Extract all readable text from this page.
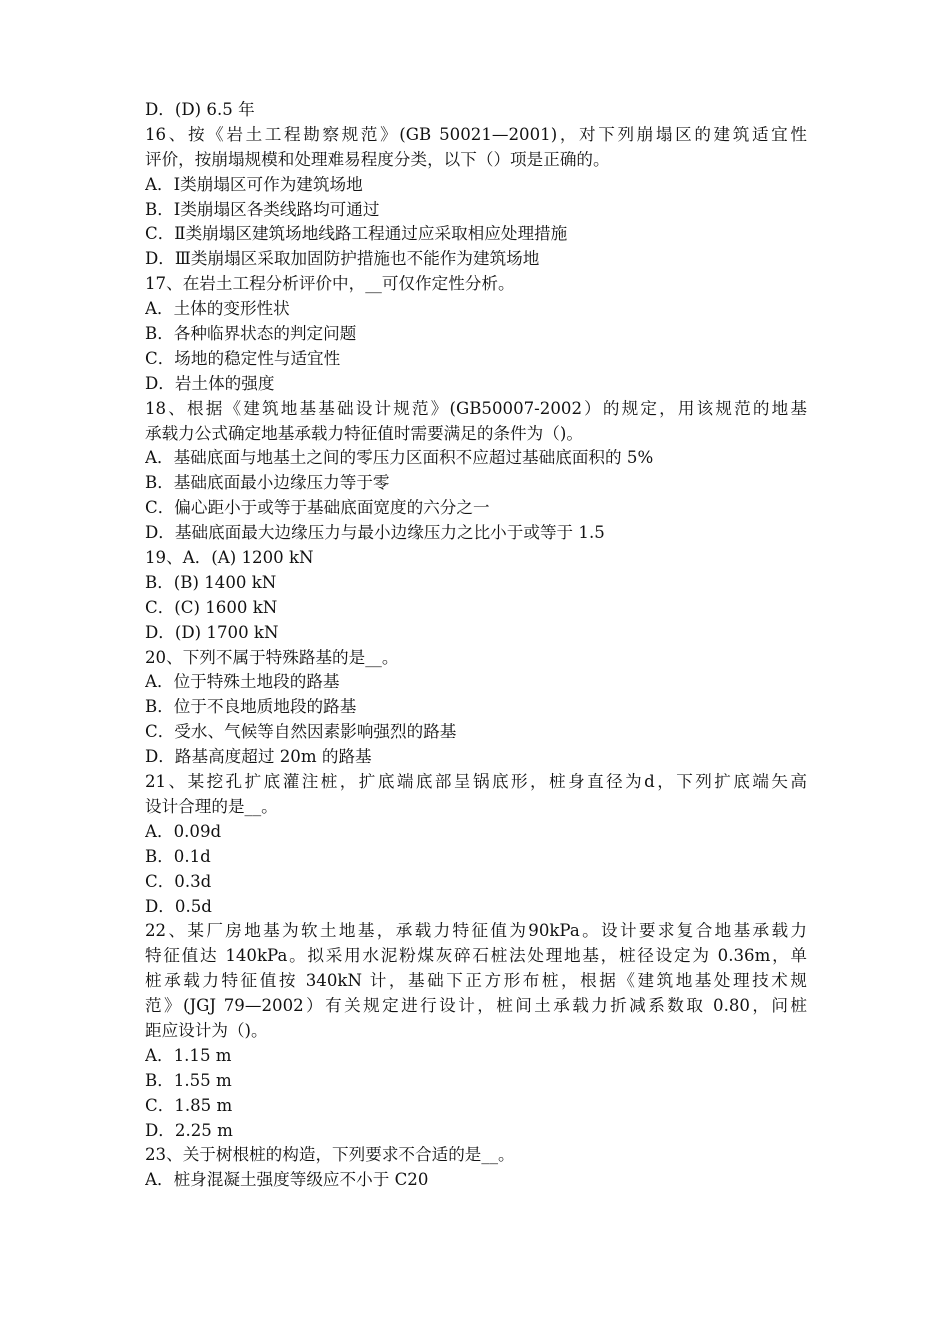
D．(D) 6.5 年
16、按《岩土工程勘察规范》(GB 50021—2001)，对下列崩塌区的建筑适宜性
评价，按崩塌规模和处理难易程度分类，以下（）项是正确的。
A．Ⅰ类崩塌区可作为建筑场地
B．Ⅰ类崩塌区各类线路均可通过
C．Ⅱ类崩塌区建筑场地线路工程通过应采取相应处理措施
D．Ⅲ类崩塌区采取加固防护措施也不能作为建筑场地
17、在岩土工程分析评价中，__可仅作定性分析。
A．土体的变形性状
B．各种临界状态的判定问题
C．场地的稳定性与适宜性
D．岩土体的强度
18、根据《建筑地基基础设计规范》(GB50007-2002）的规定，用该规范的地基
承载力公式确定地基承载力特征值时需要满足的条件为（)。
A．基础底面与地基土之间的零压力区面积不应超过基础底面积的 5%
B．基础底面最小边缘压力等于零
C．偏心距小于或等于基础底面宽度的六分之一
D．基础底面最大边缘压力与最小边缘压力之比小于或等于 1.5
19、A．(A) 1200 kN
B．(B) 1400 kN
C．(C) 1600 kN
D．(D) 1700 kN
20、下列不属于特殊路基的是__。
A．位于特殊土地段的路基
B．位于不良地质地段的路基
C．受水、气候等自然因素影响强烈的路基
D．路基高度超过 20m 的路基
21、某挖孔扩底灌注桩，扩底端底部呈锅底形，桩身直径为d，下列扩底端矢高
设计合理的是__。
A．0.09d
B．0.1d
C．0.3d
D．0.5d
22、某厂房地基为软土地基，承载力特征值为90kPa。设计要求复合地基承载力
特征值达 140kPa。拟采用水泥粉煤灰碎石桩法处理地基，桩径设定为 0.36m，单
桩承载力特征值按 340kN 计，基础下正方形布桩，根据《建筑地基处理技术规
范》(JGJ 79—2002）有关规定进行设计，桩间土承载力折减系数取 0.80，问桩
距应设计为（)。
A．1.15 m
B．1.55 m
C．1.85 m
D．2.25 m
23、关于树根桩的构造，下列要求不合适的是__。
A．桩身混凝土强度等级应不小于 C20
